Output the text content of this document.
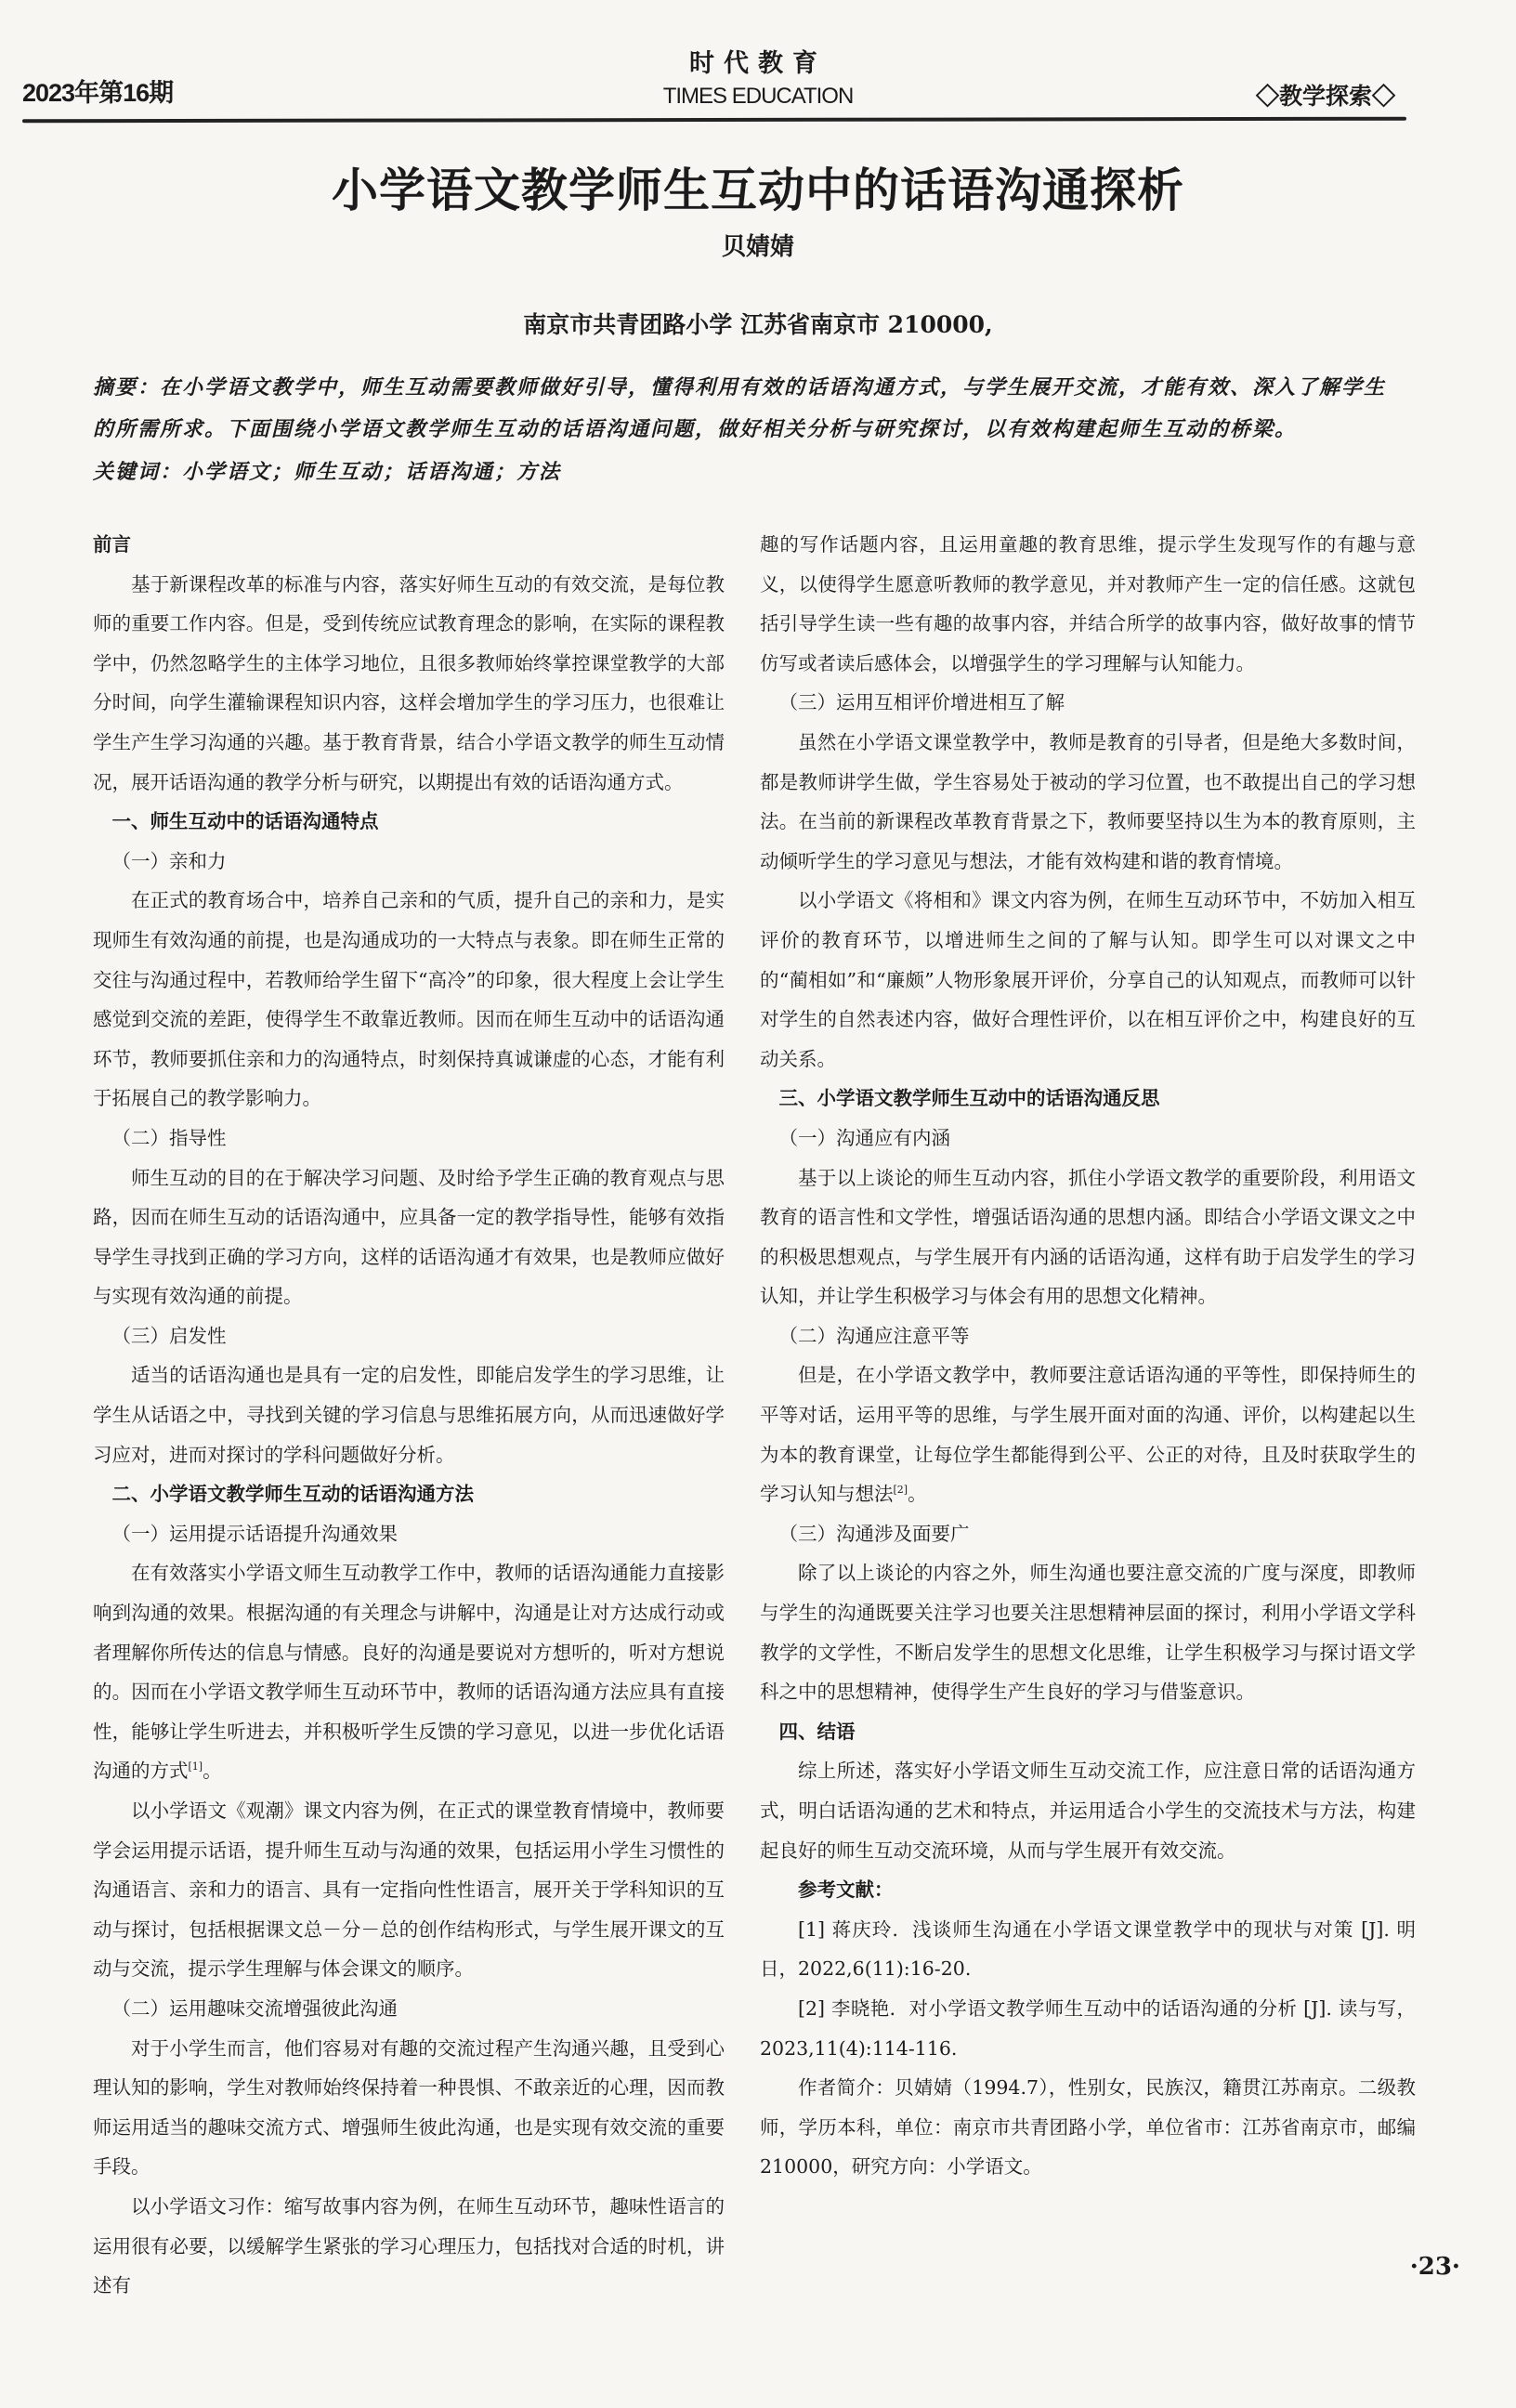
2023年第16期
时代教育
TIMES EDUCATION	◇教学探索◇
小学语文教学师生互动中的话语沟通探析
贝婧婧
南京市共青团路小学 江苏省南京市 210000,
摘要：在小学语文教学中，师生互动需要教师做好引导，懂得利用有效的话语沟通方式，与学生展开交流，才能有效、深入了解学生的所需所求。下面围绕小学语文教学师生互动的话语沟通问题，做好相关分析与研究探讨，以有效构建起师生互动的桥梁。
关键词：小学语文；师生互动；话语沟通；方法

前言

基于新课程改革的标准与内容，落实好师生互动的有效交流，是每位教师的重要工作内容。但是，受到传统应试教育理念的影响，在实际的课程教学中，仍然忽略学生的主体学习地位，且很多教师始终掌控课堂教学的大部分时间，向学生灌输课程知识内容，这样会增加学生的学习压力，也很难让学生产生学习沟通的兴趣。基于教育背景，结合小学语文教学的师生互动情况，展开话语沟通的教学分析与研究，以期提出有效的话语沟通方式。

一、师生互动中的话语沟通特点

（一）亲和力

在正式的教育场合中，培养自己亲和的气质，提升自己的亲和力，是实现师生有效沟通的前提，也是沟通成功的一大特点与表象。即在师生正常的交往与沟通过程中，若教师给学生留下“高冷”的印象，很大程度上会让学生感觉到交流的差距，使得学生不敢靠近教师。因而在师生互动中的话语沟通环节，教师要抓住亲和力的沟通特点，时刻保持真诚谦虚的心态，才能有利于拓展自己的教学影响力。

（二）指导性

师生互动的目的在于解决学习问题、及时给予学生正确的教育观点与思路，因而在师生互动的话语沟通中，应具备一定的教学指导性，能够有效指导学生寻找到正确的学习方向，这样的话语沟通才有效果，也是教师应做好与实现有效沟通的前提。

（三）启发性

适当的话语沟通也是具有一定的启发性，即能启发学生的学习思维，让学生从话语之中，寻找到关键的学习信息与思维拓展方向，从而迅速做好学习应对，进而对探讨的学科问题做好分析。

二、小学语文教学师生互动的话语沟通方法

（一）运用提示话语提升沟通效果

在有效落实小学语文师生互动教学工作中，教师的话语沟通能力直接影响到沟通的效果。根据沟通的有关理念与讲解中，沟通是让对方达成行动或者理解你所传达的信息与情感。良好的沟通是要说对方想听的，听对方想说的。因而在小学语文教学师生互动环节中，教师的话语沟通方法应具有直接性，能够让学生听进去，并积极听学生反馈的学习意见，以进一步优化话语沟通的方式[1]。

以小学语文《观潮》课文内容为例，在正式的课堂教育情境中，教师要学会运用提示话语，提升师生互动与沟通的效果，包括运用小学生习惯性的沟通语言、亲和力的语言、具有一定指向性性语言，展开关于学科知识的互动与探讨，包括根据课文总－分－总的创作结构形式，与学生展开课文的互动与交流，提示学生理解与体会课文的顺序。

（二）运用趣味交流增强彼此沟通

对于小学生而言，他们容易对有趣的交流过程产生沟通兴趣，且受到心理认知的影响，学生对教师始终保持着一种畏惧、不敢亲近的心理，因而教师运用适当的趣味交流方式、增强师生彼此沟通，也是实现有效交流的重要手段。

以小学语文习作：缩写故事内容为例，在师生互动环节，趣味性语言的运用很有必要，以缓解学生紧张的学习心理压力，包括找对合适的时机，讲述有

趣的写作话题内容，且运用童趣的教育思维，提示学生发现写作的有趣与意义，以使得学生愿意听教师的教学意见，并对教师产生一定的信任感。这就包括引导学生读一些有趣的故事内容，并结合所学的故事内容，做好故事的情节仿写或者读后感体会，以增强学生的学习理解与认知能力。

（三）运用互相评价增进相互了解

虽然在小学语文课堂教学中，教师是教育的引导者，但是绝大多数时间，都是教师讲学生做，学生容易处于被动的学习位置，也不敢提出自己的学习想法。在当前的新课程改革教育背景之下，教师要坚持以生为本的教育原则，主动倾听学生的学习意见与想法，才能有效构建和谐的教育情境。

以小学语文《将相和》课文内容为例，在师生互动环节中，不妨加入相互评价的教育环节，以增进师生之间的了解与认知。即学生可以对课文之中的“蔺相如”和“廉颇”人物形象展开评价，分享自己的认知观点，而教师可以针对学生的自然表述内容，做好合理性评价，以在相互评价之中，构建良好的互动关系。

三、小学语文教学师生互动中的话语沟通反思

（一）沟通应有内涵

基于以上谈论的师生互动内容，抓住小学语文教学的重要阶段，利用语文教育的语言性和文学性，增强话语沟通的思想内涵。即结合小学语文课文之中的积极思想观点，与学生展开有内涵的话语沟通，这样有助于启发学生的学习认知，并让学生积极学习与体会有用的思想文化精神。

（二）沟通应注意平等

但是，在小学语文教学中，教师要注意话语沟通的平等性，即保持师生的平等对话，运用平等的思维，与学生展开面对面的沟通、评价，以构建起以生为本的教育课堂，让每位学生都能得到公平、公正的对待，且及时获取学生的学习认知与想法[2]。

（三）沟通涉及面要广

除了以上谈论的内容之外，师生沟通也要注意交流的广度与深度，即教师与学生的沟通既要关注学习也要关注思想精神层面的探讨，利用小学语文学科教学的文学性，不断启发学生的思想文化思维，让学生积极学习与探讨语文学科之中的思想精神，使得学生产生良好的学习与借鉴意识。

四、结语

综上所述，落实好小学语文师生互动交流工作，应注意日常的话语沟通方式，明白话语沟通的艺术和特点，并运用适合小学生的交流技术与方法，构建起良好的师生互动交流环境，从而与学生展开有效交流。

参考文献：

[1] 蒋庆玲．浅谈师生沟通在小学语文课堂教学中的现状与对策 [J]. 明日，2022,6(11):16-20.

[2] 李晓艳．对小学语文教学师生互动中的话语沟通的分析 [J]. 读与写，2023,11(4):114-116.

作者简介：贝婧婧（1994.7），性别女，民族汉，籍贯江苏南京。二级教师，学历本科，单位：南京市共青团路小学，单位省市：江苏省南京市，邮编210000，研究方向：小学语文。

·23·
